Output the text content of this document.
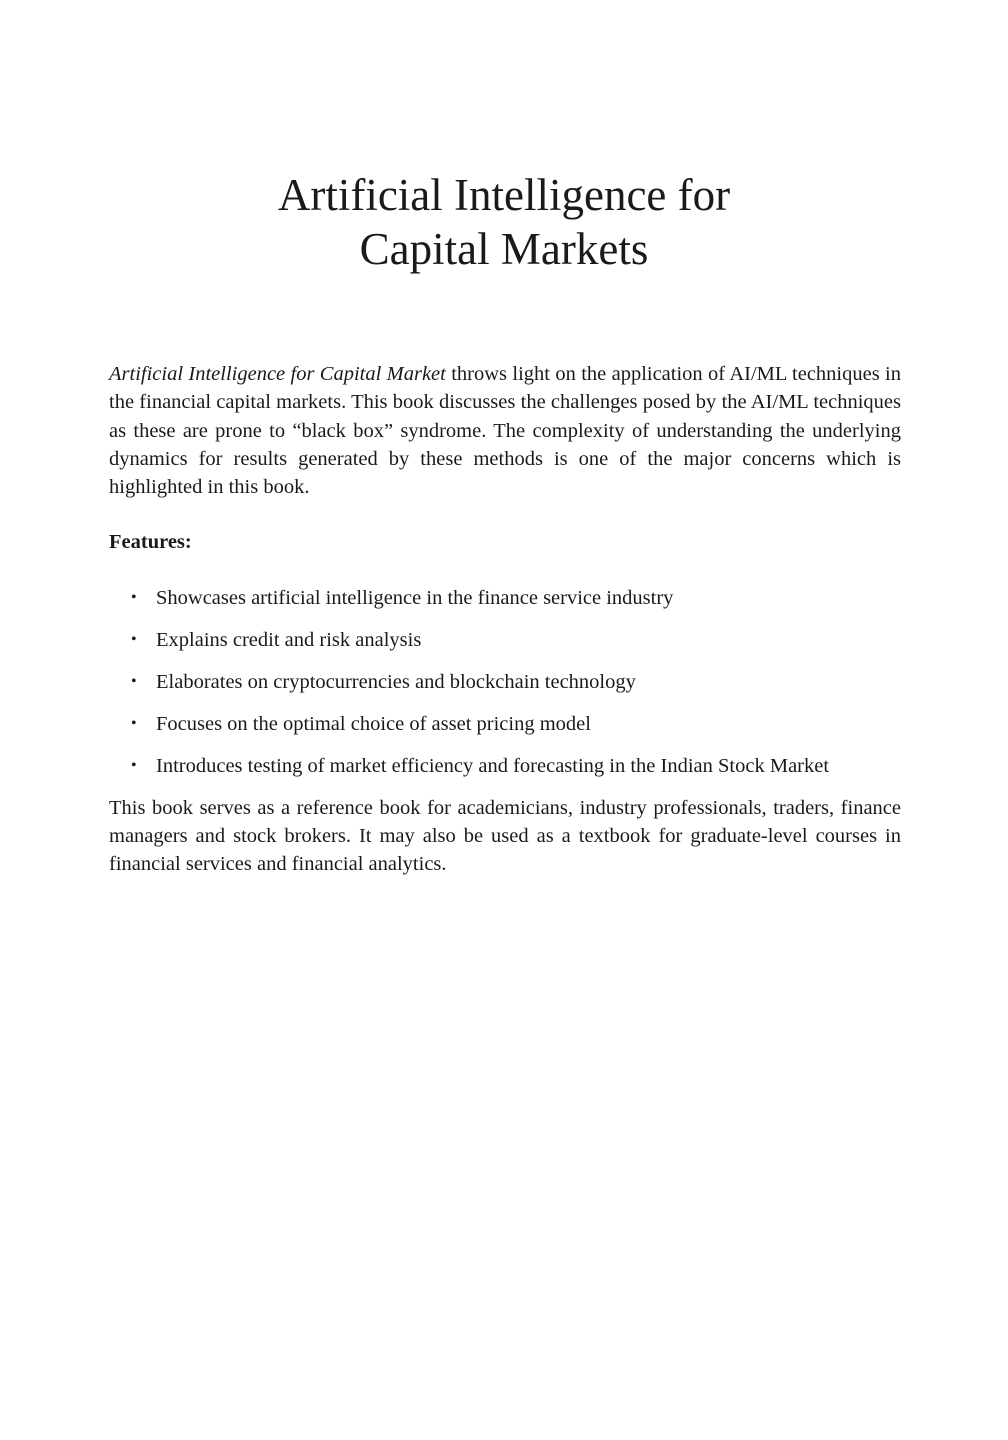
Artificial Intelligence for
Capital Markets

Artificial Intelligence for Capital Market throws light on the application of AI/ML techniques in the financial capital markets. This book discusses the challenges posed by the AI/ML techniques as these are prone to “black box” syndrome. The complexity of understanding the underlying dynamics for results generated by these methods is one of the major concerns which is highlighted in this book.

Features:

• Showcases artificial intelligence in the finance service industry
• Explains credit and risk analysis
• Elaborates on cryptocurrencies and blockchain technology
• Focuses on the optimal choice of asset pricing model
• Introduces testing of market efficiency and forecasting in the Indian Stock Market

This book serves as a reference book for academicians, industry professionals, traders, finance managers and stock brokers. It may also be used as a textbook for graduate-level courses in financial services and financial analytics.
